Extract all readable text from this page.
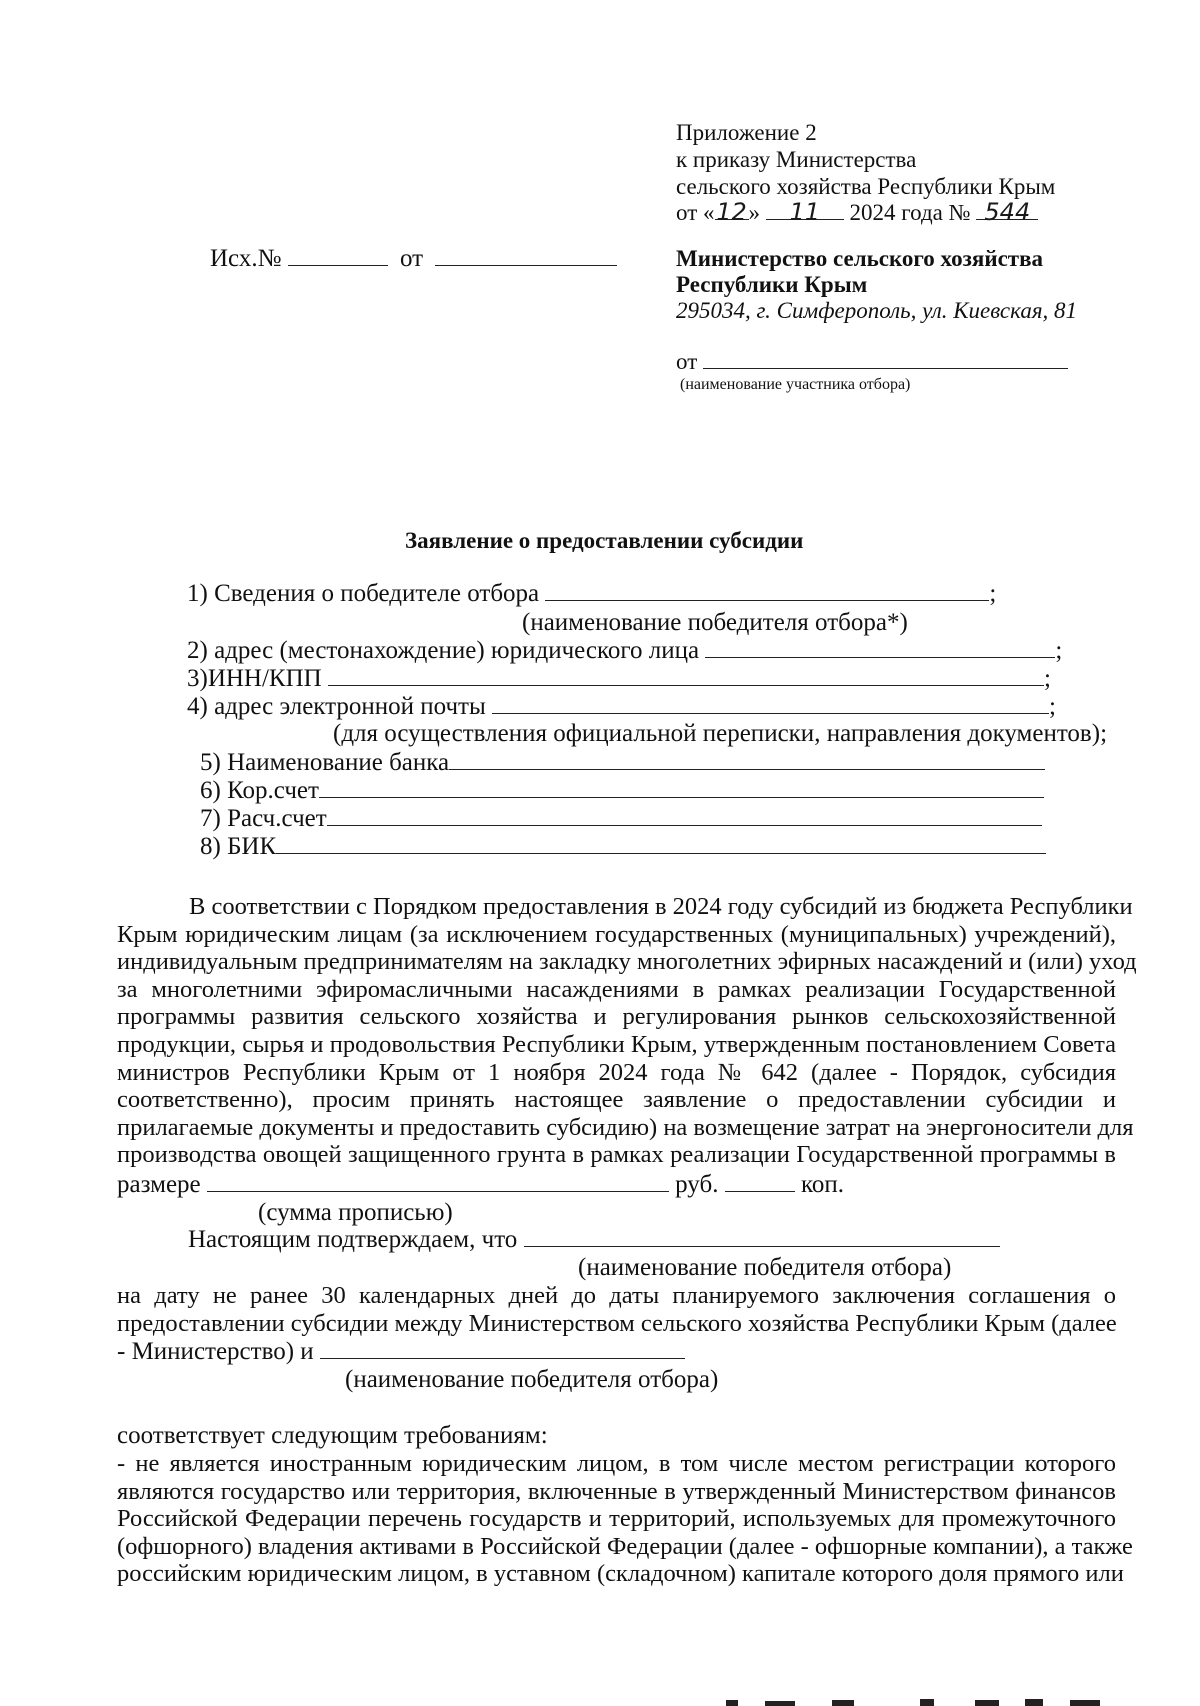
Приложение 2
к приказу Министерства
сельского хозяйства Республики Крым
от «12» 11 2024 года № 544
Исх.№	от	Министерство сельского хозяйства
Республики Крым
295034, г. Симферополь, ул. Киевская, 81
от
(наименование участника отбора)
Заявление о предоставлении субсидии
1) Сведения о победителе отбора	;
(наименование победителя отбора*)
2) адрес (местонахождение) юридического лица	;
3)ИНН/КПП	;
4) адрес электронной почты	;
(для осуществления официальной переписки, направления документов);
5) Наименование банка
6) Кор.счет
7) Расч.счет
8) БИК
В соответствии с Порядком предоставления в 2024 году субсидий из бюджета Республики
Крым юридическим лицам (за исключением государственных (муниципальных) учреждений),
индивидуальным предпринимателям на закладку многолетних эфирных насаждений и (или) уход
за многолетними эфиромасличными насаждениями в рамках реализации Государственной
программы развития сельского хозяйства и регулирования рынков сельскохозяйственной
продукции, сырья и продовольствия Республики Крым, утвержденным постановлением Совета
министров Республики Крым от 1 ноября 2024 года № 642 (далее - Порядок, субсидия
соответственно), просим принять настоящее заявление о предоставлении субсидии и
прилагаемые документы и предоставить субсидию) на возмещение затрат на энергоносители для
производства овощей защищенного грунта в рамках реализации Государственной программы в
размере	руб.	коп.
(сумма прописью)
Настоящим подтверждаем, что
(наименование победителя отбора)
на дату не ранее 30 календарных дней до даты планируемого заключения соглашения о
предоставлении субсидии между Министерством сельского хозяйства Республики Крым (далее
- Министерство) и
(наименование победителя отбора)
соответствует следующим требованиям:
- не является иностранным юридическим лицом, в том числе местом регистрации которого
являются государство или территория, включенные в утвержденный Министерством финансов
Российской Федерации перечень государств и территорий, используемых для промежуточного
(офшорного) владения активами в Российской Федерации (далее - офшорные компании), а также
российским юридическим лицом, в уставном (складочном) капитале которого доля прямого или
